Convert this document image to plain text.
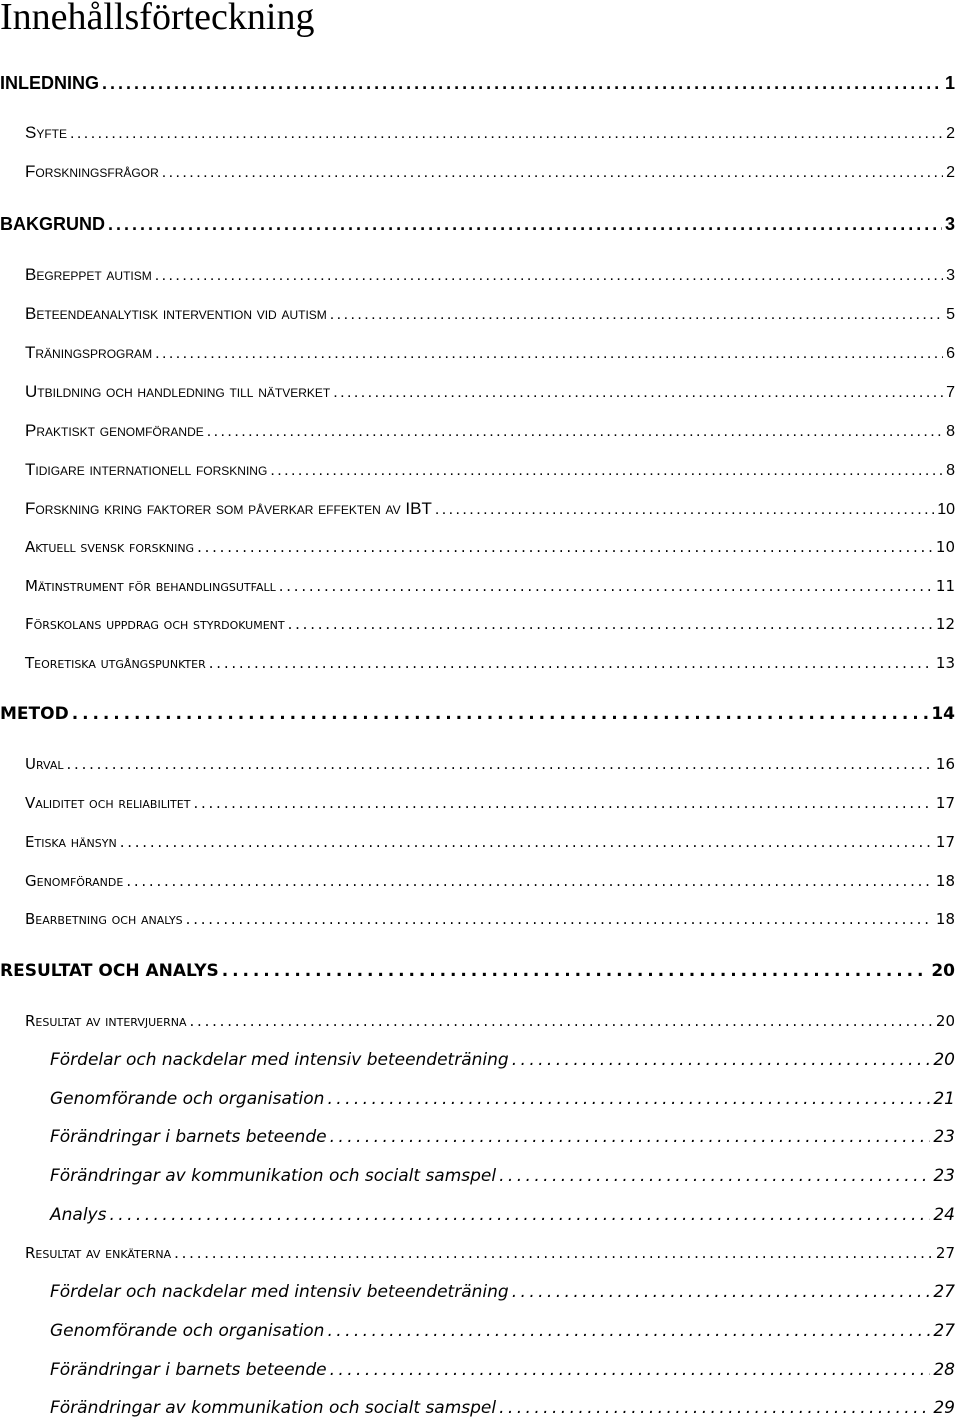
Innehållsförteckning
INLEDNING . . .	1
Syfte . . .	2
Forskningsfrågor . . .	2
BAKGRUND . . .	3
Begreppet autism . . .	3
Beteendeanalytisk intervention vid autism . . .	5
Träningsprogram . . .	6
Utbildning och handledning till nätverket . . .	7
Praktiskt genomförande . . .	8
Tidigare internationell forskning . . .	8
Forskning kring faktorer som påverkar effekten av IBT . . .	10
Aktuell svensk forskning . . .	10
Mätinstrument för behandlingsutfall . . .	11
Förskolans uppdrag och styrdokument . . .	12
Teoretiska utgångspunkter . . .	13
METOD . . .	14
Urval . . .	16
Validitet och reliabilitet . . .	17
Etiska hänsyn . . .	17
Genomförande . . .	18
Bearbetning och analys . . .	18
RESULTAT OCH ANALYS . . .	20
Resultat av intervjuerna . . .	20
Fördelar och nackdelar med intensiv beteendeträning . . .	20
Genomförande och organisation . . .	21
Förändringar i barnets beteende . . .	23
Förändringar av kommunikation och socialt samspel . . .	23
Analys . . .	24
Resultat av enkäterna . . .	27
Fördelar och nackdelar med intensiv beteendeträning . . .	27
Genomförande och organisation . . .	27
Förändringar i barnets beteende . . .	28
Förändringar av kommunikation och socialt samspel . . .	29
